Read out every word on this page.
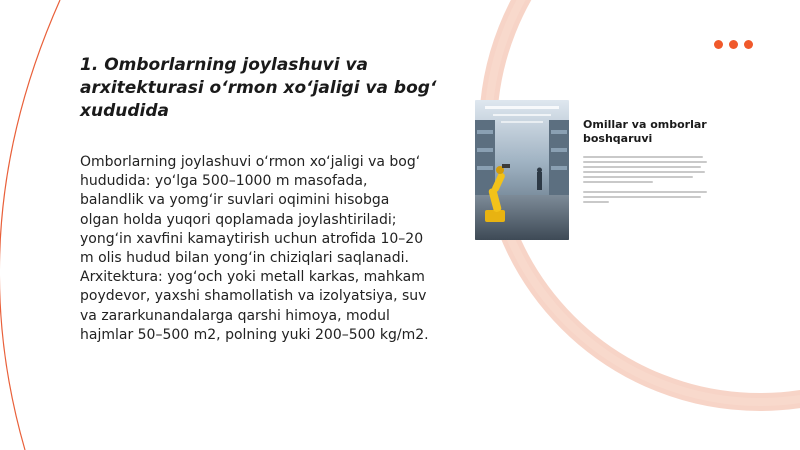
1. Omborlarning joylashuvi va arxitekturasi o‘rmon xo‘jaligi va bog‘ xududida

Omborlarning joylashuvi o‘rmon xo‘jaligi va bog‘ hududida: yo‘lga 500–1000 m masofada, balandlik va yomg‘ir suvlari oqimini hisobga olgan holda yuqori qoplamada joylashtiriladi; yong‘in xavfini kamaytirish uchun atrofida 10–20 m olis hudud bilan yong‘in chiziqlari saqlanadi. Arxitektura: yog‘och yoki metall karkas, mahkam poydevor, yaxshi shamollatish va izolyatsiya, suv va zararkunandalarga qarshi himoya, modul hajmlar 50–500 m2, polning yuki 200–500 kg/m2.

Omillar va omborlar boshqaruvi
